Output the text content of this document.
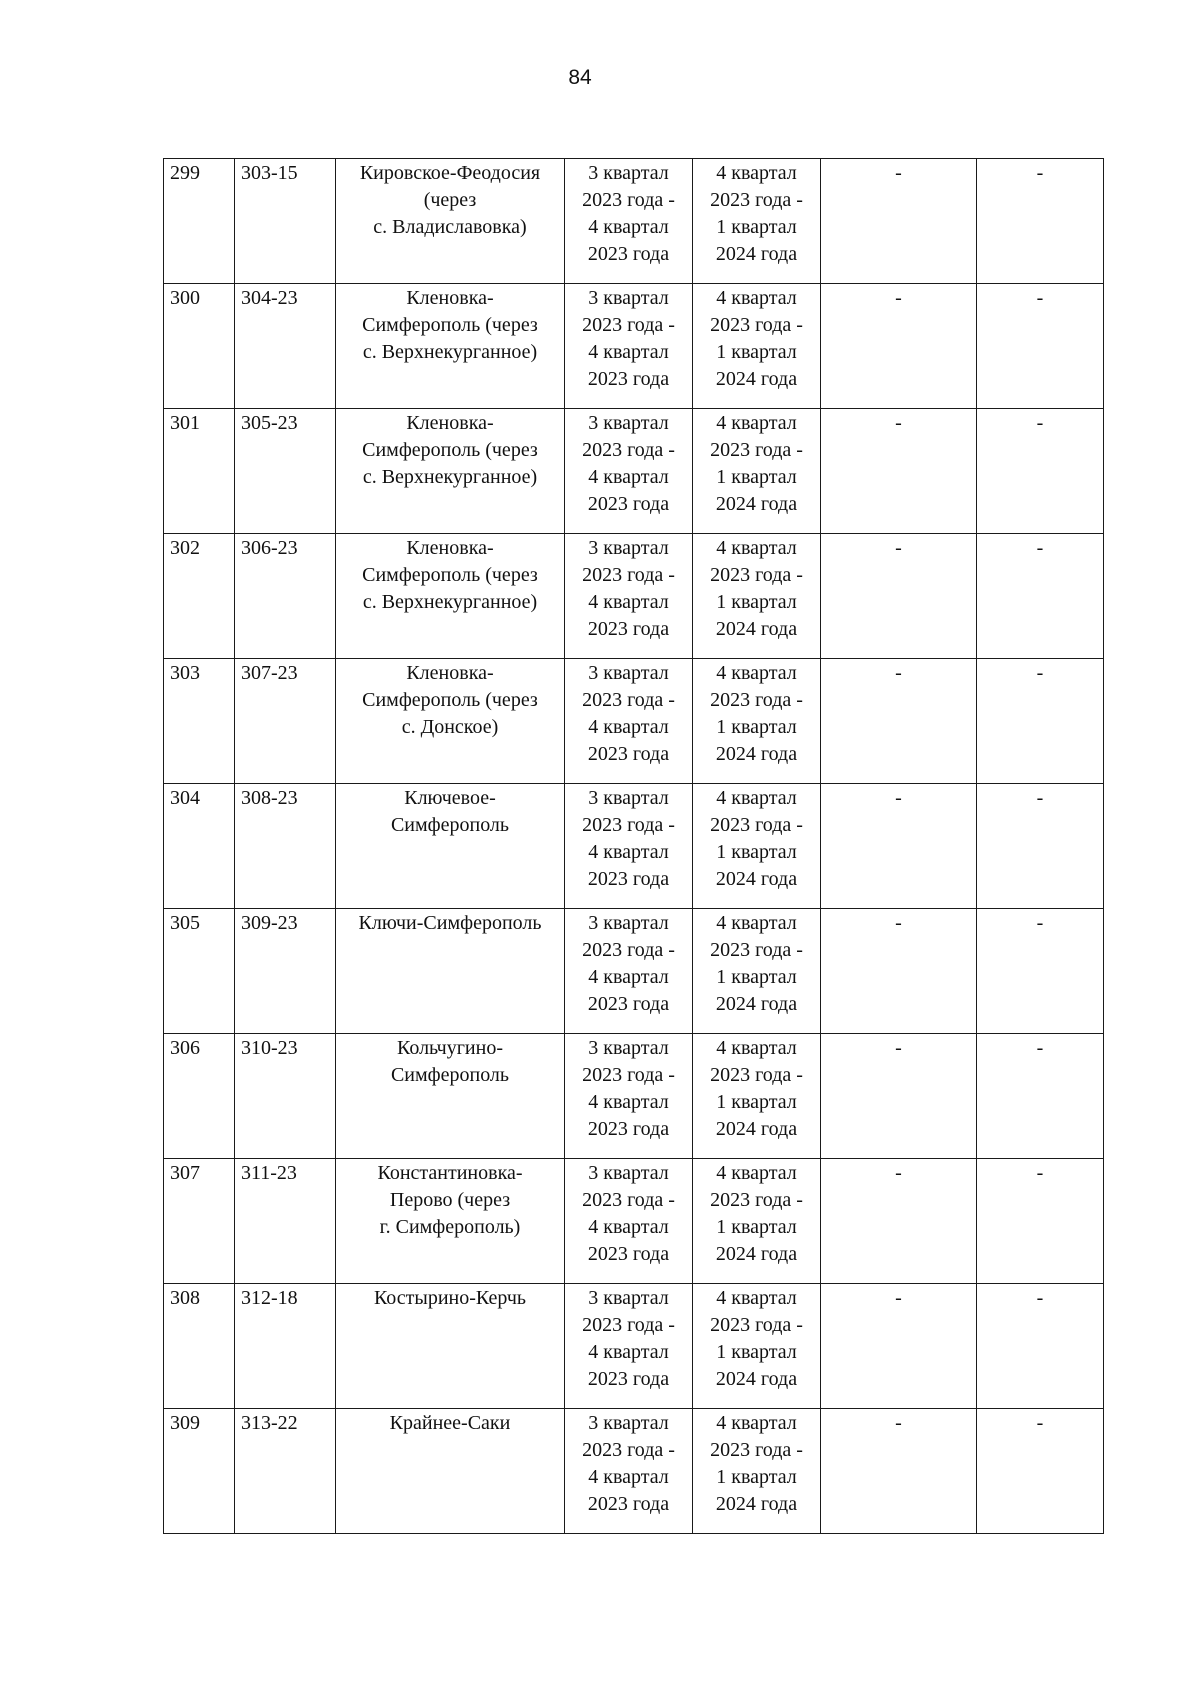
84
299	303-15	Кировское-Феодосия
(через
с. Владиславовка)	3 квартал
2023 года -
4 квартал
2023 года	4 квартал
2023 года -
1 квартал
2024 года	-	-
300	304-23	Кленовка-
Симферополь (через
с. Верхнекурганное)	3 квартал
2023 года -
4 квартал
2023 года	4 квартал
2023 года -
1 квартал
2024 года	-	-
301	305-23	Кленовка-
Симферополь (через
с. Верхнекурганное)	3 квартал
2023 года -
4 квартал
2023 года	4 квартал
2023 года -
1 квартал
2024 года	-	-
302	306-23	Кленовка-
Симферополь (через
с. Верхнекурганное)	3 квартал
2023 года -
4 квартал
2023 года	4 квартал
2023 года -
1 квартал
2024 года	-	-
303	307-23	Кленовка-
Симферополь (через
с. Донское)	3 квартал
2023 года -
4 квартал
2023 года	4 квартал
2023 года -
1 квартал
2024 года	-	-
304	308-23	Ключевое-
Симферополь	3 квартал
2023 года -
4 квартал
2023 года	4 квартал
2023 года -
1 квартал
2024 года	-	-
305	309-23	Ключи-Симферополь	3 квартал
2023 года -
4 квартал
2023 года	4 квартал
2023 года -
1 квартал
2024 года	-	-
306	310-23	Кольчугино-
Симферополь	3 квартал
2023 года -
4 квартал
2023 года	4 квартал
2023 года -
1 квартал
2024 года	-	-
307	311-23	Константиновка-
Перово (через
г. Симферополь)	3 квартал
2023 года -
4 квартал
2023 года	4 квартал
2023 года -
1 квартал
2024 года	-	-
308	312-18	Костырино-Керчь	3 квартал
2023 года -
4 квартал
2023 года	4 квартал
2023 года -
1 квартал
2024 года	-	-
309	313-22	Крайнее-Саки	3 квартал
2023 года -
4 квартал
2023 года	4 квартал
2023 года -
1 квартал
2024 года	-	-
